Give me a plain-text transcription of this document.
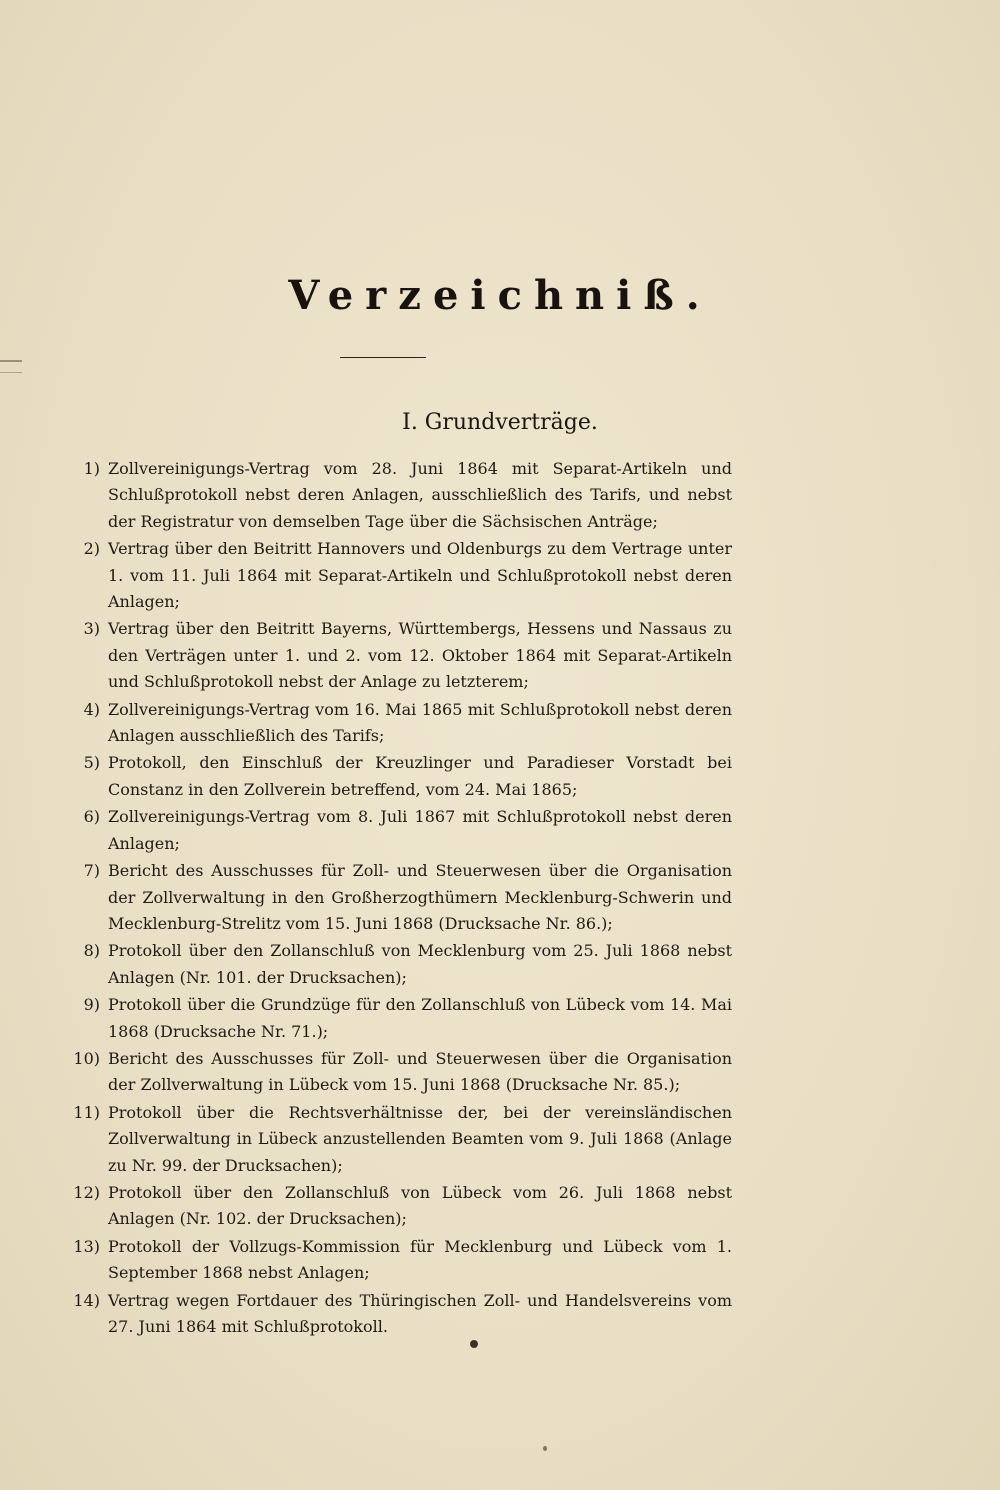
Verzeichniß.
I. Grundverträge.
1) Zollvereinigungs-Vertrag vom 28. Juni 1864 mit Separat-Artikeln und Schlußprotokoll nebst deren Anlagen, ausschließlich des Tarifs, und nebst der Registratur von demselben Tage über die Sächsischen Anträge;
2) Vertrag über den Beitritt Hannovers und Oldenburgs zu dem Vertrage unter 1. vom 11. Juli 1864 mit Separat-Artikeln und Schlußprotokoll nebst deren Anlagen;
3) Vertrag über den Beitritt Bayerns, Württembergs, Hessens und Nassaus zu den Verträgen unter 1. und 2. vom 12. Oktober 1864 mit Separat-Artikeln und Schlußprotokoll nebst der Anlage zu letzterem;
4) Zollvereinigungs-Vertrag vom 16. Mai 1865 mit Schlußprotokoll nebst deren Anlagen ausschließlich des Tarifs;
5) Protokoll, den Einschluß der Kreuzlinger und Paradieser Vorstadt bei Constanz in den Zollverein betreffend, vom 24. Mai 1865;
6) Zollvereinigungs-Vertrag vom 8. Juli 1867 mit Schlußprotokoll nebst deren Anlagen;
7) Bericht des Ausschusses für Zoll- und Steuerwesen über die Organisation der Zollverwaltung in den Großherzogthümern Mecklenburg-Schwerin und Mecklenburg-Strelitz vom 15. Juni 1868 (Drucksache Nr. 86.);
8) Protokoll über den Zollanschluß von Mecklenburg vom 25. Juli 1868 nebst Anlagen (Nr. 101. der Drucksachen);
9) Protokoll über die Grundzüge für den Zollanschluß von Lübeck vom 14. Mai 1868 (Drucksache Nr. 71.);
10) Bericht des Ausschusses für Zoll- und Steuerwesen über die Organisation der Zollverwaltung in Lübeck vom 15. Juni 1868 (Drucksache Nr. 85.);
11) Protokoll über die Rechtsverhältnisse der, bei der vereinsländischen Zollverwaltung in Lübeck anzustellenden Beamten vom 9. Juli 1868 (Anlage zu Nr. 99. der Drucksachen);
12) Protokoll über den Zollanschluß von Lübeck vom 26. Juli 1868 nebst Anlagen (Nr. 102. der Drucksachen);
13) Protokoll der Vollzugs-Kommission für Mecklenburg und Lübeck vom 1. September 1868 nebst Anlagen;
14) Vertrag wegen Fortdauer des Thüringischen Zoll- und Handelsvereins vom 27. Juni 1864 mit Schlußprotokoll.
